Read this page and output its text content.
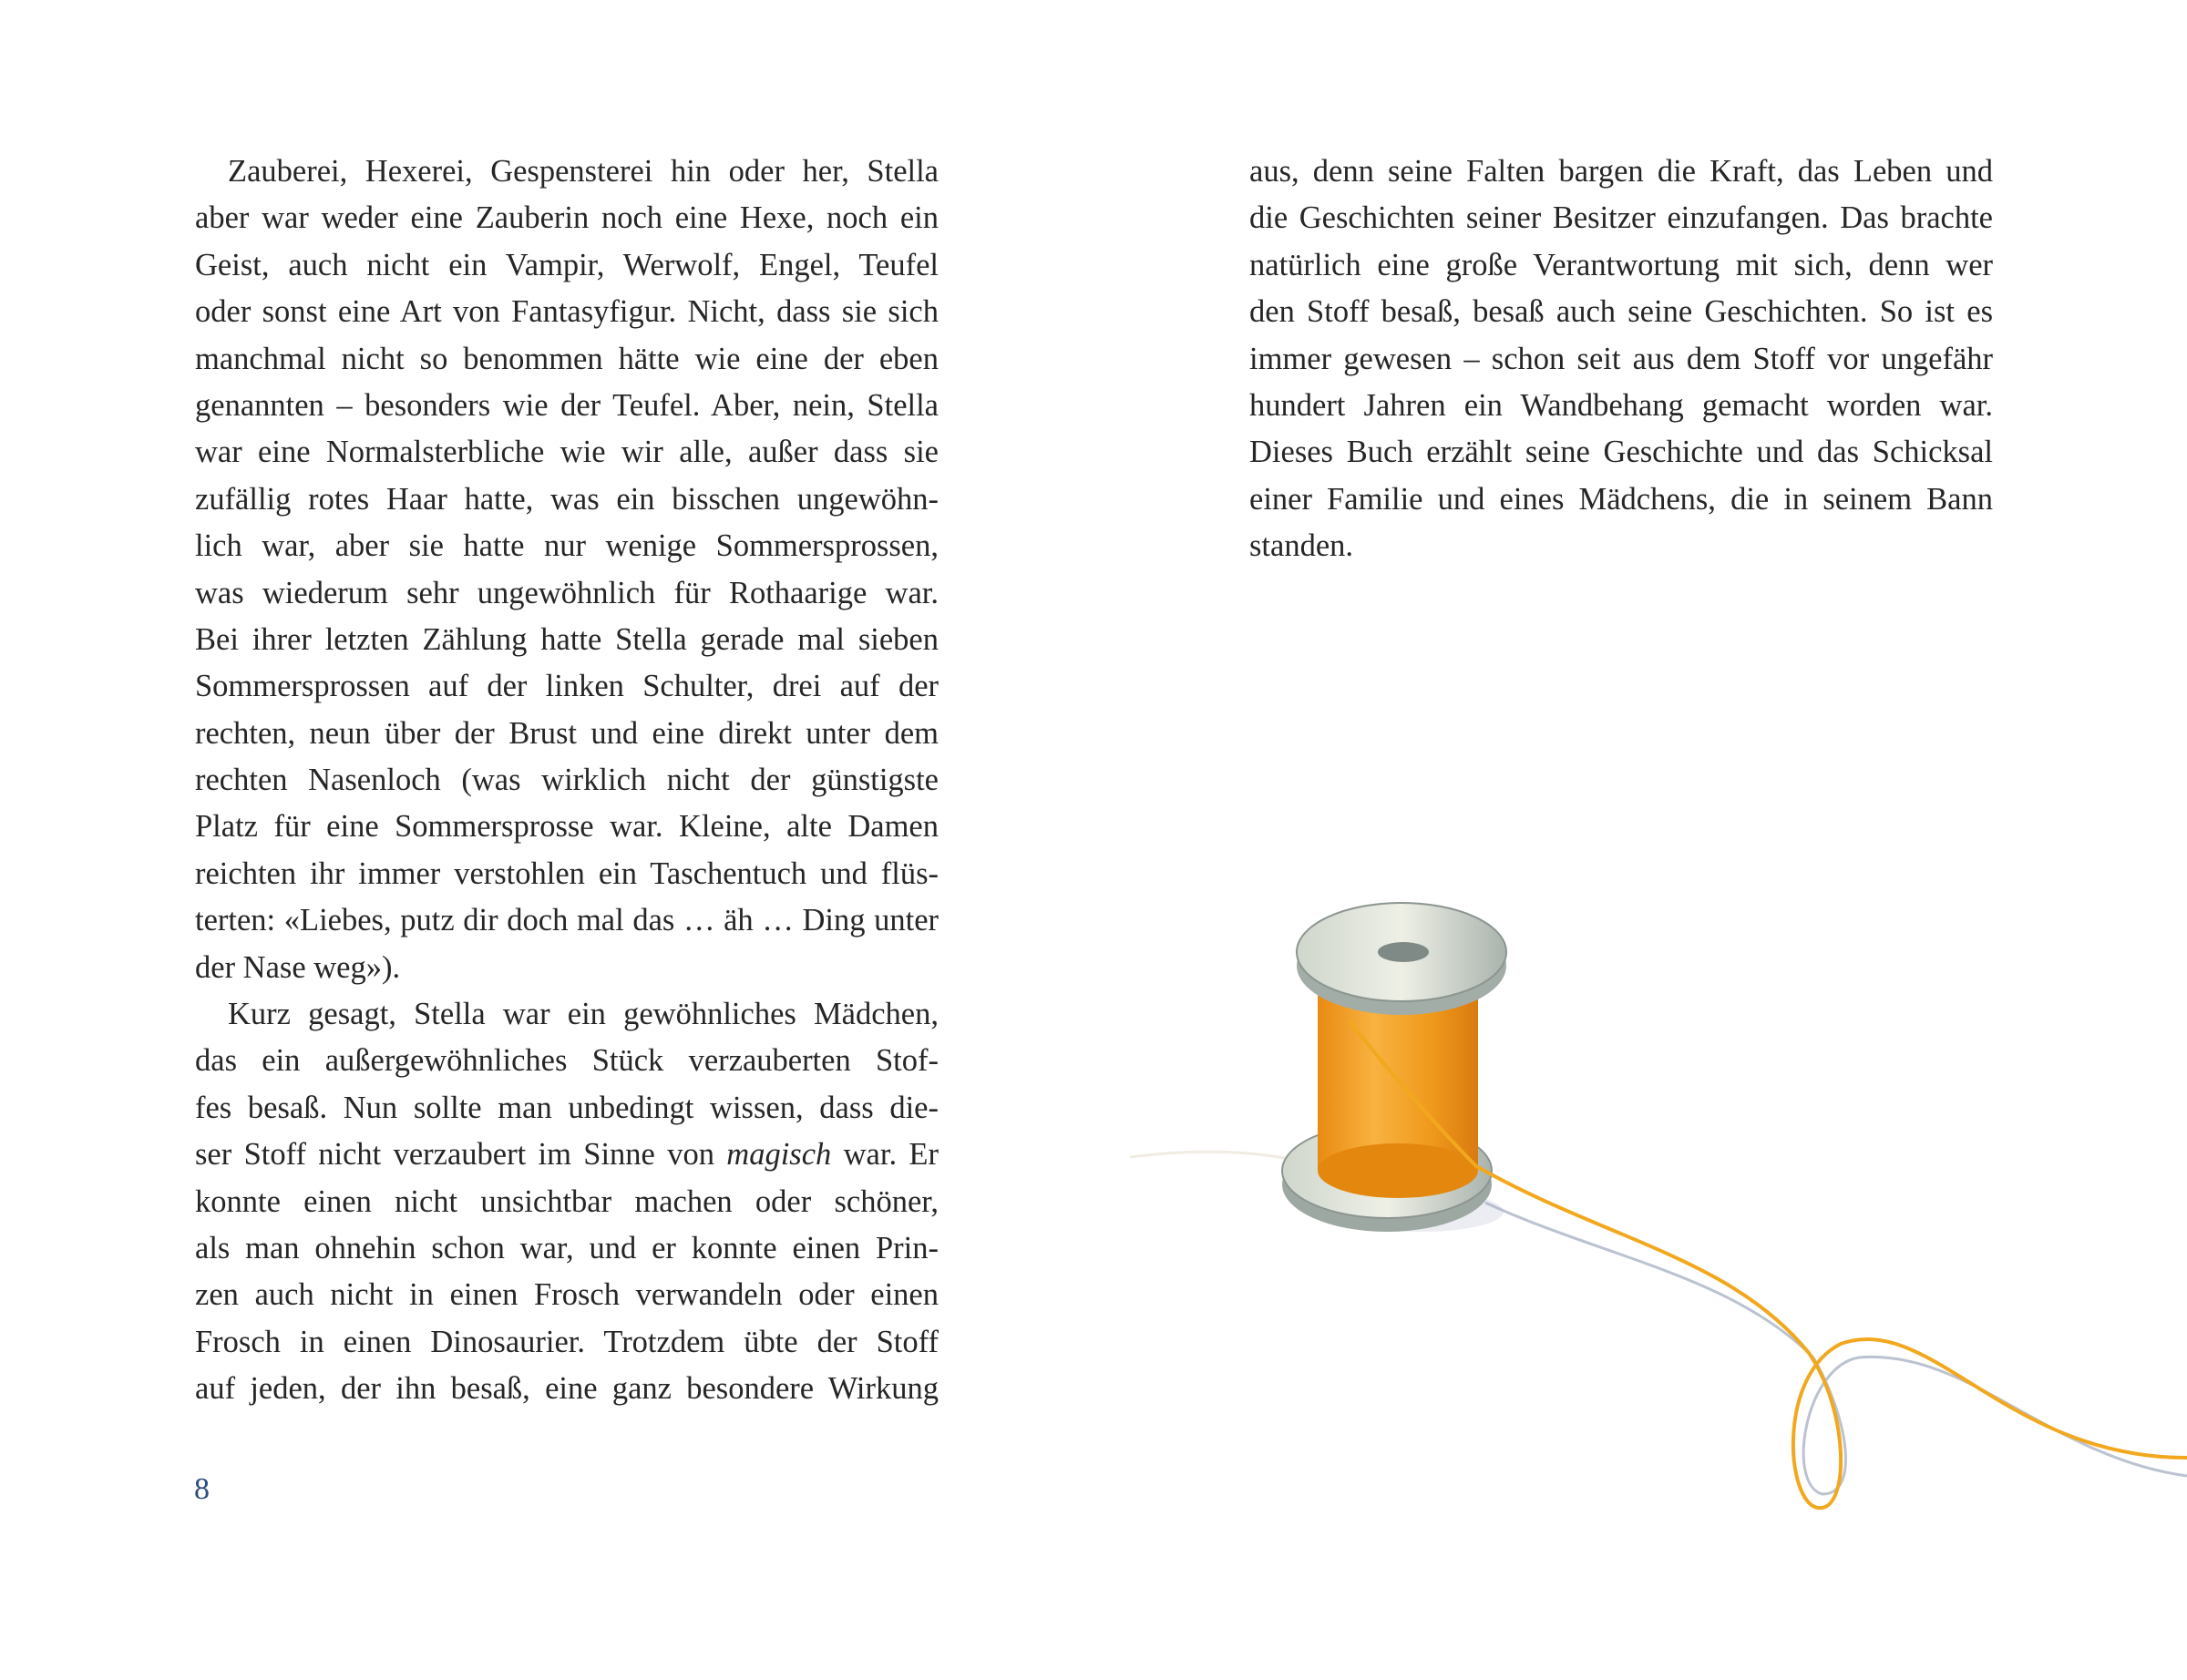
Zauberei, Hexerei, Gespensterei hin oder her, Stella
aber war weder eine Zauberin noch eine Hexe, noch ein
Geist, auch nicht ein Vampir, Werwolf, Engel, Teufel
oder sonst eine Art von Fantasyfigur. Nicht, dass sie sich
manchmal nicht so benommen hätte wie eine der eben
genannten – besonders wie der Teufel. Aber, nein, Stella
war eine Normalsterbliche wie wir alle, außer dass sie
zufällig rotes Haar hatte, was ein bisschen ungewöhn-
lich war, aber sie hatte nur wenige Sommersprossen,
was wiederum sehr ungewöhnlich für Rothaarige war.
Bei ihrer letzten Zählung hatte Stella gerade mal sieben
Sommersprossen auf der linken Schulter, drei auf der
rechten, neun über der Brust und eine direkt unter dem
rechten Nasenloch (was wirklich nicht der günstigste
Platz für eine Sommersprosse war. Kleine, alte Damen
reichten ihr immer verstohlen ein Taschentuch und flüs-
terten: «Liebes, putz dir doch mal das … äh … Ding unter
der Nase weg»).
Kurz gesagt, Stella war ein gewöhnliches Mädchen,
das ein außergewöhnliches Stück verzauberten Stof-
fes besaß. Nun sollte man unbedingt wissen, dass die-
ser Stoff nicht verzaubert im Sinne von magisch war. Er
konnte einen nicht unsichtbar machen oder schöner,
als man ohnehin schon war, und er konnte einen Prin-
zen auch nicht in einen Frosch verwandeln oder einen
Frosch in einen Dinosaurier. Trotzdem übte der Stoff
auf jeden, der ihn besaß, eine ganz besondere Wirkung
aus, denn seine Falten bargen die Kraft, das Leben und
die Geschichten seiner Besitzer einzufangen. Das brachte
natürlich eine große Verantwortung mit sich, denn wer
den Stoff besaß, besaß auch seine Geschichten. So ist es
immer gewesen – schon seit aus dem Stoff vor ungefähr
hundert Jahren ein Wandbehang gemacht worden war.
Dieses Buch erzählt seine Geschichte und das Schicksal
einer Familie und eines Mädchens, die in seinem Bann
standen.
8
